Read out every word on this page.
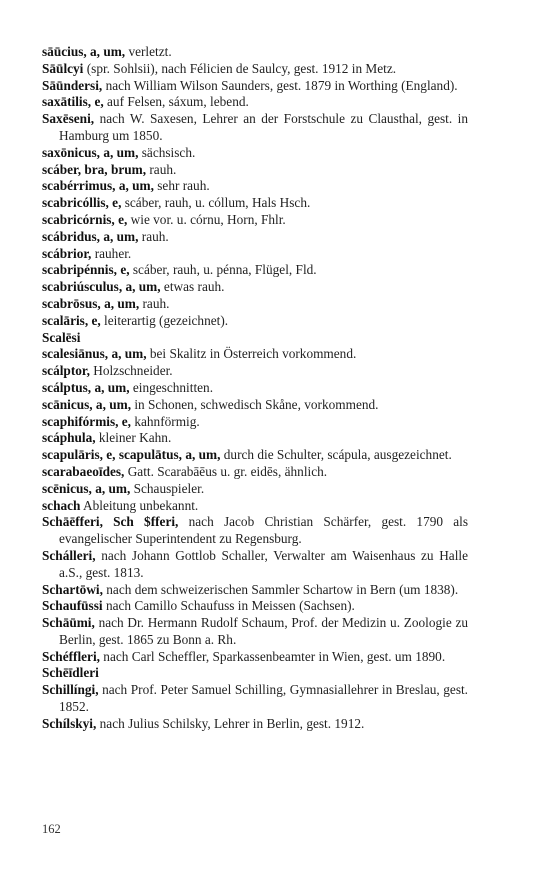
sāūcius, a, um, verletzt.
Sāūlcyi (spr. Sohlsii), nach Félicien de Saulcy, gest. 1912 in Metz.
Sāūndersi, nach William Wilson Saunders, gest. 1879 in Worthing (England).
saxātilis, e, auf Felsen, sáxum, lebend.
Saxēseni, nach W. Saxesen, Lehrer an der Forstschule zu Clausthal, gest. in Hamburg um 1850.
saxōnicus, a, um, sächsisch.
scáber, bra, brum, rauh.
scabérrimus, a, um, sehr rauh.
scabricóllis, e, scáber, rauh, u. cóllum, Hals Hsch.
scabricórnis, e, wie vor. u. córnu, Horn, Fhlr.
scábridus, a, um, rauh.
scábrior, rauher.
scabripénnis, e, scáber, rauh, u. pénna, Flügel, Fld.
scabriúsculus, a, um, etwas rauh.
scabrōsus, a, um, rauh.
scalāris, e, leiterartig (gezeichnet).
Scalēsi
scalesiānus, a, um, bei Skalitz in Österreich vorkommend.
scálptor, Holzschneider.
scálptus, a, um, eingeschnitten.
scānicus, a, um, in Schonen, schwedisch Skåne, vorkommend.
scaphifórmis, e, kahnförmig.
scáphula, kleiner Kahn.
scapulāris, e, scapulātus, a, um, durch die Schulter, scápula, ausgezeichnet.
scarabaeoīdes, Gatt. Scarabāēus u. gr. eidēs, ähnlich.
scēnicus, a, um, Schauspieler.
schach Ableitung unbekannt.
Schāēfferi, Sch $fferi, nach Jacob Christian Schärfer, gest. 1790 als evangelischer Superintendent zu Regensburg.
Schálleri, nach Johann Gottlob Schaller, Verwalter am Waisenhaus zu Halle a.S., gest. 1813.
Schartōwi, nach dem schweizerischen Sammler Schartow in Bern (um 1838).
Schaufūssi nach Camillo Schaufuss in Meissen (Sachsen).
Schāūmi, nach Dr. Hermann Rudolf Schaum, Prof. der Medizin u. Zoologie zu Berlin, gest. 1865 zu Bonn a. Rh.
Schéffleri, nach Carl Scheffler, Sparkassenbeamter in Wien, gest. um 1890.
Schēīdleri
Schillíngi, nach Prof. Peter Samuel Schilling, Gymnasiallehrer in Breslau, gest. 1852.
Schílskyi, nach Julius Schilsky, Lehrer in Berlin, gest. 1912.
162
